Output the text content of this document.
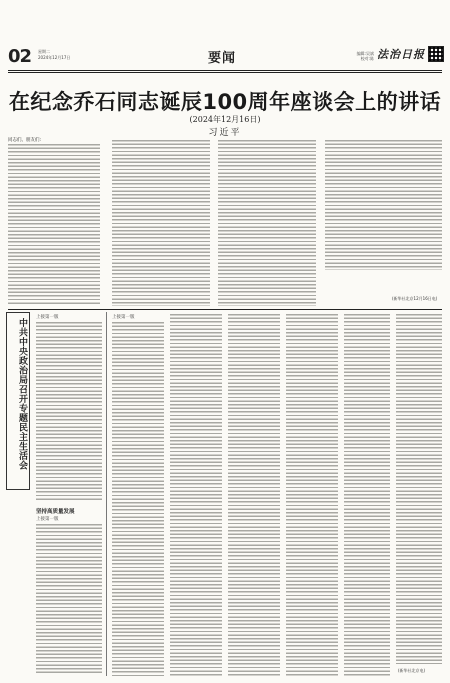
02 星期二
2024年12月17日	要闻	编辑:吴斌
校对:陈 法治日报
在纪念乔石同志诞辰100周年座谈会上的讲话
(2024年12月16日)
习近平
同志们、朋友们:
(新华社北京12月16日电)
中共中央政治局召开专题民主生活会
上接第一版
坚持高质量发展
上接第一版
上接第一版
(新华社北京电)
